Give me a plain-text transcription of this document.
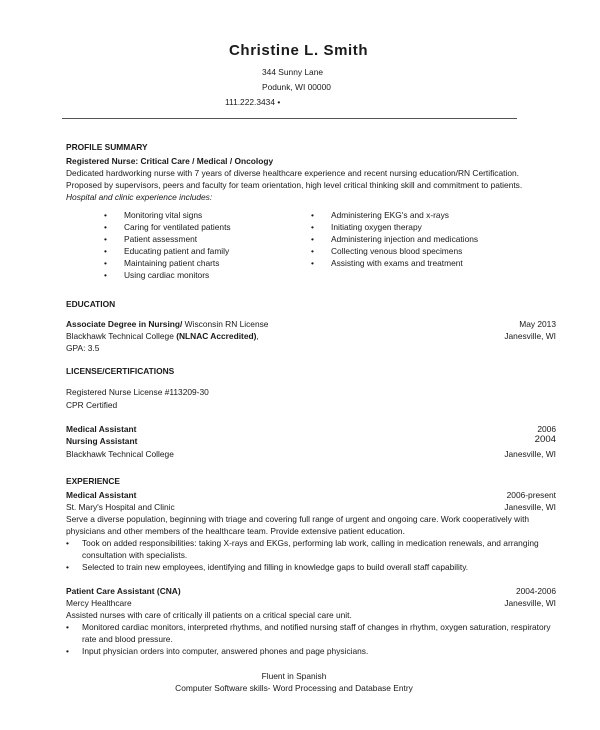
Christine L. Smith
344 Sunny Lane
Podunk, WI 00000
111.222.3434 •
PROFILE SUMMARY
Registered Nurse: Critical Care / Medical / Oncology
Dedicated hardworking nurse with 7 years of diverse healthcare experience and recent nursing education/RN Certification. Proposed by supervisors, peers and faculty for team orientation, high level critical thinking skill and commitment to patients.
Hospital and clinic experience includes:
• Monitoring vital signs
• Caring for ventilated patients
• Patient assessment
• Educating patient and family
• Maintaining patient charts
• Using cardiac monitors
• Administering EKG's and x-rays
• Initiating oxygen therapy
• Administering injection and medications
• Collecting venous blood specimens
• Assisting with exams and treatment
EDUCATION
Associate Degree in Nursing/ Wisconsin RN License	May 2013
Blackhawk Technical College (NLNAC Accredited),	Janesville, WI
GPA: 3.5
LICENSE/CERTIFICATIONS
Registered Nurse License #113209-30
CPR Certified
Medical Assistant	2006
Nursing Assistant	2004
Blackhawk Technical College	Janesville, WI
EXPERIENCE
Medical Assistant	2006-present
St. Mary's Hospital and Clinic	Janesville, WI
Serve a diverse population, beginning with triage and covering full range of urgent and ongoing care. Work cooperatively with physicians and other members of the healthcare team. Provide extensive patient education.
• Took on added responsibilities: taking X-rays and EKGs, performing lab work, calling in medication renewals, and arranging consultation with specialists.
• Selected to train new employees, identifying and filling in knowledge gaps to build overall staff capability.
Patient Care Assistant (CNA)	2004-2006
Mercy Healthcare	Janesville, WI
Assisted nurses with care of critically ill patients on a critical special care unit.
• Monitored cardiac monitors, interpreted rhythms, and notified nursing staff of changes in rhythm, oxygen saturation, respiratory rate and blood pressure.
• Input physician orders into computer, answered phones and page physicians.
Fluent in Spanish
Computer Software skills- Word Processing and Database Entry
